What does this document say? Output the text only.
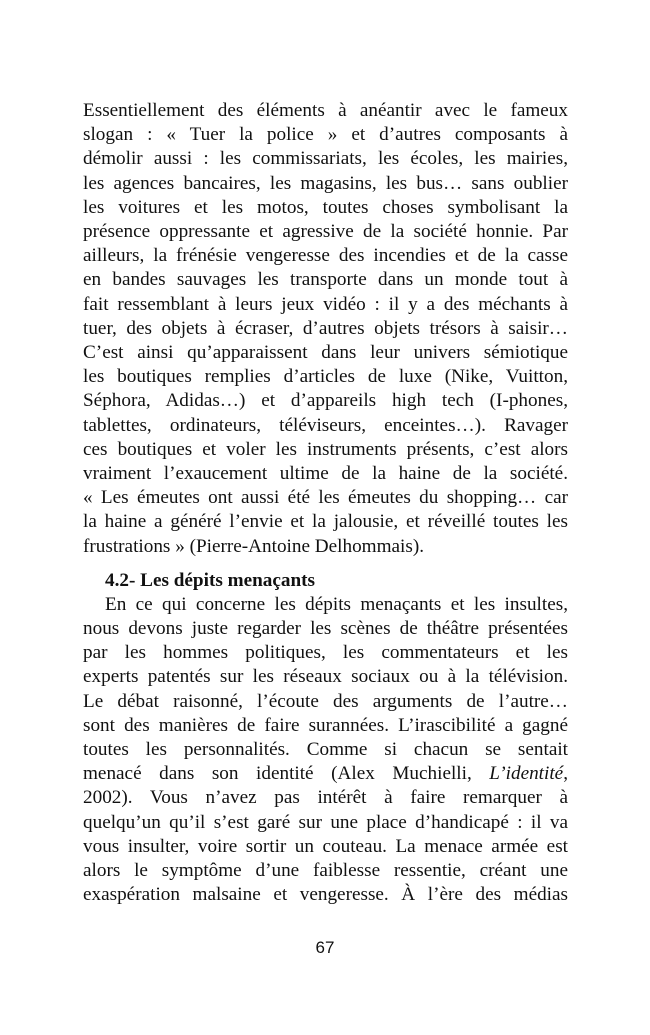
Essentiellement des éléments à anéantir avec le fameux
slogan : « Tuer la police » et d’autres composants à
démolir aussi : les commissariats, les écoles, les mairies,
les agences bancaires, les magasins, les bus… sans oublier
les voitures et les motos, toutes choses symbolisant la
présence oppressante et agressive de la société honnie. Par
ailleurs, la frénésie vengeresse des incendies et de la casse
en bandes sauvages les transporte dans un monde tout à
fait ressemblant à leurs jeux vidéo : il y a des méchants à
tuer, des objets à écraser, d’autres objets trésors à saisir…
C’est ainsi qu’apparaissent dans leur univers sémiotique
les boutiques remplies d’articles de luxe (Nike, Vuitton,
Séphora, Adidas…) et d’appareils high tech (I-phones,
tablettes, ordinateurs, téléviseurs, enceintes…). Ravager
ces boutiques et voler les instruments présents, c’est alors
vraiment l’exaucement ultime de la haine de la société.
« Les émeutes ont aussi été les émeutes du shopping… car
la haine a généré l’envie et la jalousie, et réveillé toutes les
frustrations » (Pierre-Antoine Delhommais).

4.2- Les dépits menaçants

En ce qui concerne les dépits menaçants et les insultes,
nous devons juste regarder les scènes de théâtre présentées
par les hommes politiques, les commentateurs et les
experts patentés sur les réseaux sociaux ou à la télévision.
Le débat raisonné, l’écoute des arguments de l’autre…
sont des manières de faire surannées. L’irascibilité a gagné
toutes les personnalités. Comme si chacun se sentait
menacé dans son identité (Alex Muchielli, L’identité,
2002). Vous n’avez pas intérêt à faire remarquer à
quelqu’un qu’il s’est garé sur une place d’handicapé : il va
vous insulter, voire sortir un couteau. La menace armée est
alors le symptôme d’une faiblesse ressentie, créant une
exaspération malsaine et vengeresse. À l’ère des médias

67
